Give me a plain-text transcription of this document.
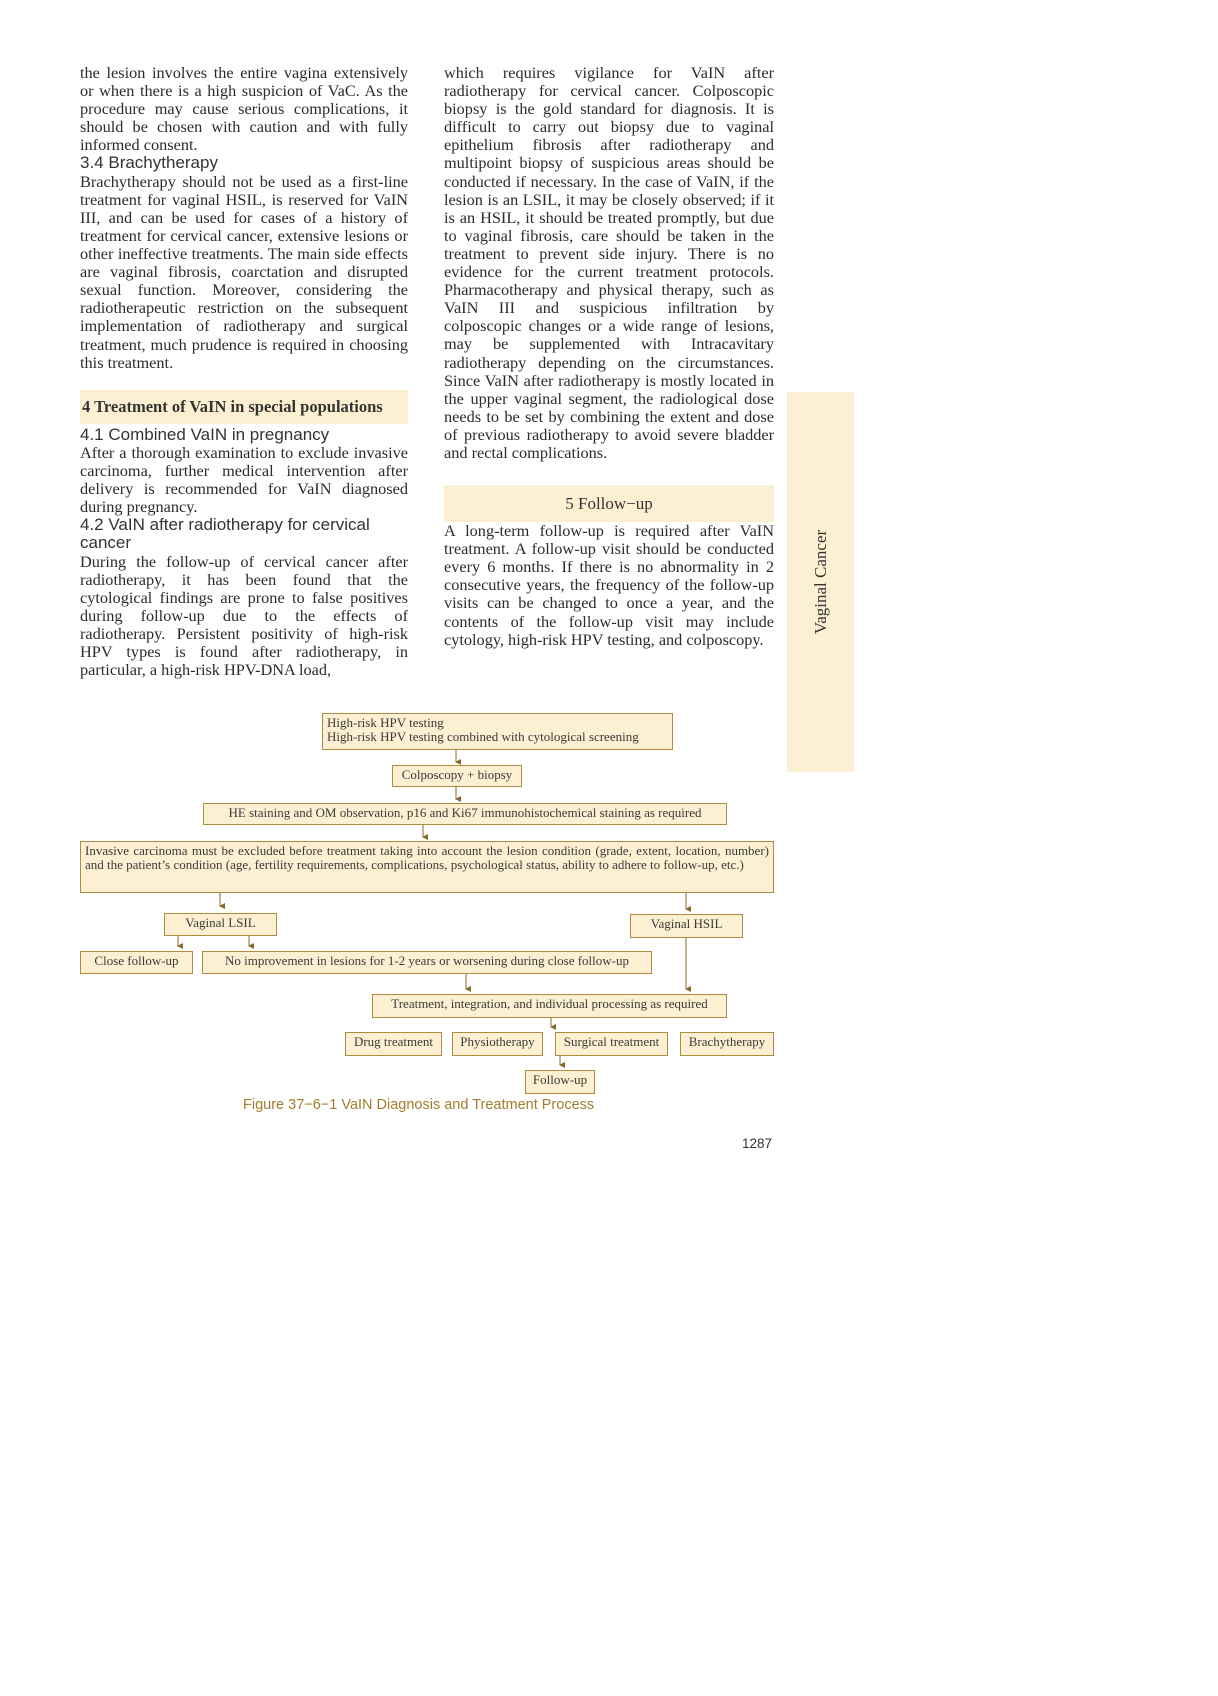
the lesion involves the entire vagina extensively or when there is a high suspicion of VaC. As the procedure may cause serious complications, it should be chosen with caution and with fully informed consent.

3.4 Brachytherapy

Brachytherapy should not be used as a first-line treatment for vaginal HSIL, is reserved for VaIN III, and can be used for cases of a history of treatment for cervical cancer, extensive lesions or other ineffective treatments. The main side effects are vaginal fibrosis, coarctation and disrupted sexual function. Moreover, considering the radiotherapeutic restriction on the subsequent implementation of radiotherapy and surgical treatment, much prudence is required in choosing this treatment.

4 Treatment of VaIN in special populations
4.1 Combined VaIN in pregnancy

After a thorough examination to exclude invasive carcinoma, further medical intervention after delivery is recommended for VaIN diagnosed during pregnancy.

4.2 VaIN after radiotherapy for cervical cancer

During the follow-up of cervical cancer after radiotherapy, it has been found that the cytological findings are prone to false positives during follow-up due to the effects of radiotherapy. Persistent positivity of high-risk HPV types is found after radiotherapy, in particular, a high-risk HPV-DNA load,

which requires vigilance for VaIN after radiotherapy for cervical cancer. Colposcopic biopsy is the gold standard for diagnosis. It is difficult to carry out biopsy due to vaginal epithelium fibrosis after radiotherapy and multipoint biopsy of suspicious areas should be conducted if necessary. In the case of VaIN, if the lesion is an LSIL, it may be closely observed; if it is an HSIL, it should be treated promptly, but due to vaginal fibrosis, care should be taken in the treatment to prevent side injury. There is no evidence for the current treatment protocols. Pharmacotherapy and physical therapy, such as VaIN III and suspicious infiltration by colposcopic changes or a wide range of lesions, may be supplemented with Intracavitary radiotherapy depending on the circumstances. Since VaIN after radiotherapy is mostly located in the upper vaginal segment, the radiological dose needs to be set by combining the extent and dose of previous radiotherapy to avoid severe bladder and rectal complications.

5 Follow−up

A long-term follow-up is required after VaIN treatment. A follow-up visit should be conducted every 6 months. If there is no abnormality in 2 consecutive years, the frequency of the follow-up visits can be changed to once a year, and the contents of the follow-up visit may include cytology, high-risk HPV testing, and colposcopy.

Vaginal Cancer
High-risk HPV testing
High-risk HPV testing combined with cytological screening
Colposcopy + biopsy
HE staining and OM observation, p16 and Ki67 immunohistochemical staining as required
Invasive carcinoma must be excluded before treatment taking into account the lesion condition (grade, extent, location, number) and the patient’s condition (age, fertility requirements, complications, psychological status, ability to adhere to follow-up, etc.)
Vaginal LSIL	Vaginal HSIL
Close follow-up	No improvement in lesions for 1-2 years or worsening during close follow-up
Treatment, integration, and individual processing as required
Drug treatment	Physiotherapy	Surgical treatment	Brachytherapy
Follow-up
Figure 37−6−1 VaIN Diagnosis and Treatment Process
1287
